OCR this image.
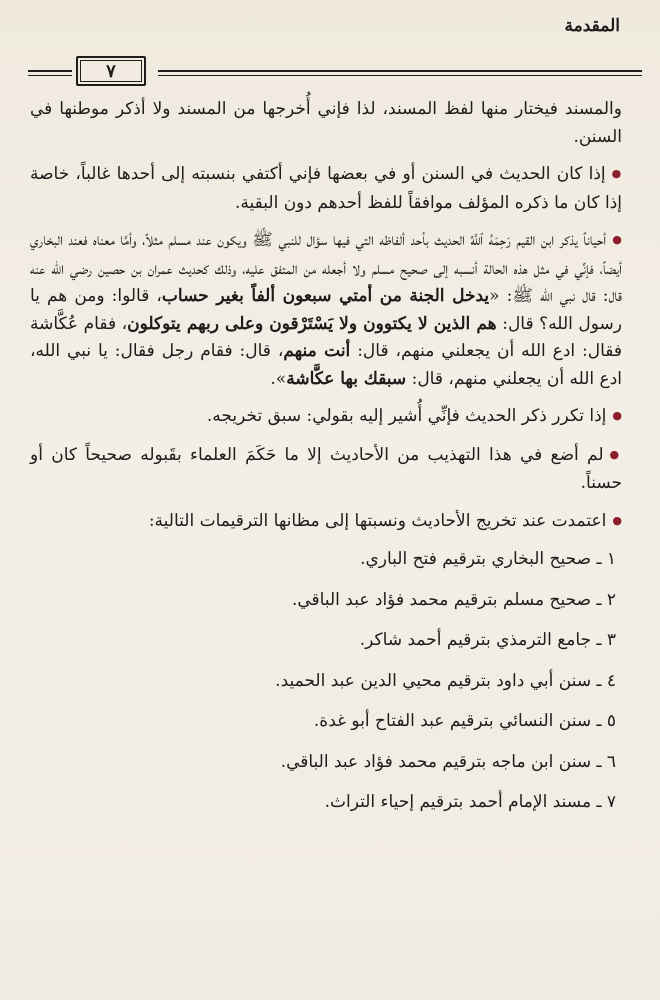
المقدمة
٧

والمسند فيختار منها لفظ المسند، لذا فإني أُخرجها من المسند ولا أذكر موطنها في السنن.

● إذا كان الحديث في السنن أو في بعضها فإني أكتفي بنسبته إلى أحدها غالباً، خاصة إذا كان ما ذكره المؤلف موافقاً للفظ أحدهم دون البقية.

● أحياناً يذكر ابن القيم رَحِمَهُ ٱللَّهُ الحديث بأحد ألفاظه التي فيها سؤال للنبي ﷺ ويكون عند مسلم مثلاً، وأمَّا معناه فعند البخاري أيضاً، فإنِّي في مثل هذه الحالة أنسبه إلى صحيح مسلم ولا أجعله من المتفق عليه، وذلك كحديث عمران بن حصين رضي الله عنه قال: قال نبي الله ﷺ: «يدخل الجنة من أمتي سبعون ألفاً بغير حساب، قالوا: ومن هم يا رسول الله؟ قال: هم الذين لا يكتوون ولا يَسْتَرْقون وعلى ربهم يتوكلون، فقام عُكَّاشة فقال: ادع الله أن يجعلني منهم، قال: أنت منهم، قال: فقام رجل فقال: يا نبي الله، ادع الله أن يجعلني منهم، قال: سبقك بها عكَّاشة».

● إذا تكرر ذكر الحديث فإنِّي أُشير إليه بقولي: سبق تخريجه.

● لم أضع في هذا التهذيب من الأحاديث إلا ما حَكَمَ العلماء بقَبوله صحيحاً كان أو حسناً.

● اعتمدت عند تخريج الأحاديث ونسبتها إلى مظانها الترقيمات التالية:

١ ـ صحيح البخاري بترقيم فتح الباري.
٢ ـ صحيح مسلم بترقيم محمد فؤاد عبد الباقي.
٣ ـ جامع الترمذي بترقيم أحمد شاكر.
٤ ـ سنن أبي داود بترقيم محيي الدين عبد الحميد.
٥ ـ سنن النسائي بترقيم عبد الفتاح أبو غدة.
٦ ـ سنن ابن ماجه بترقيم محمد فؤاد عبد الباقي.
٧ ـ مسند الإمام أحمد بترقيم إحياء التراث.
